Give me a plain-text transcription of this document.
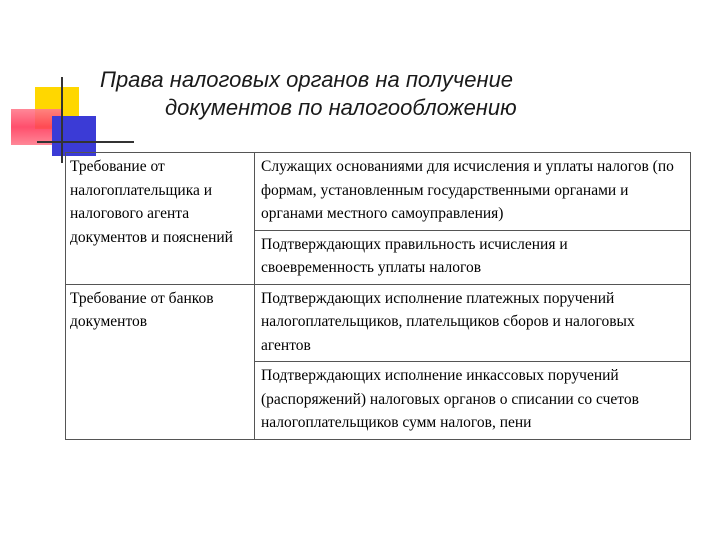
Права налоговых органов на получение
документов по налогообложению
Требование от налогоплательщика и налогового агента документов и пояснений	Служащих основаниями для исчисления и уплаты налогов (по формам, установленным государственными органами и органами местного самоуправления)
	Подтверждающих правильность исчисления и своевременность уплаты налогов
Требование от банков документов	Подтверждающих исполнение платежных поручений налогоплательщиков, плательщиков сборов и налоговых агентов
	Подтверждающих исполнение инкассовых поручений (распоряжений) налоговых органов о списании со счетов налогоплательщиков сумм налогов, пени
